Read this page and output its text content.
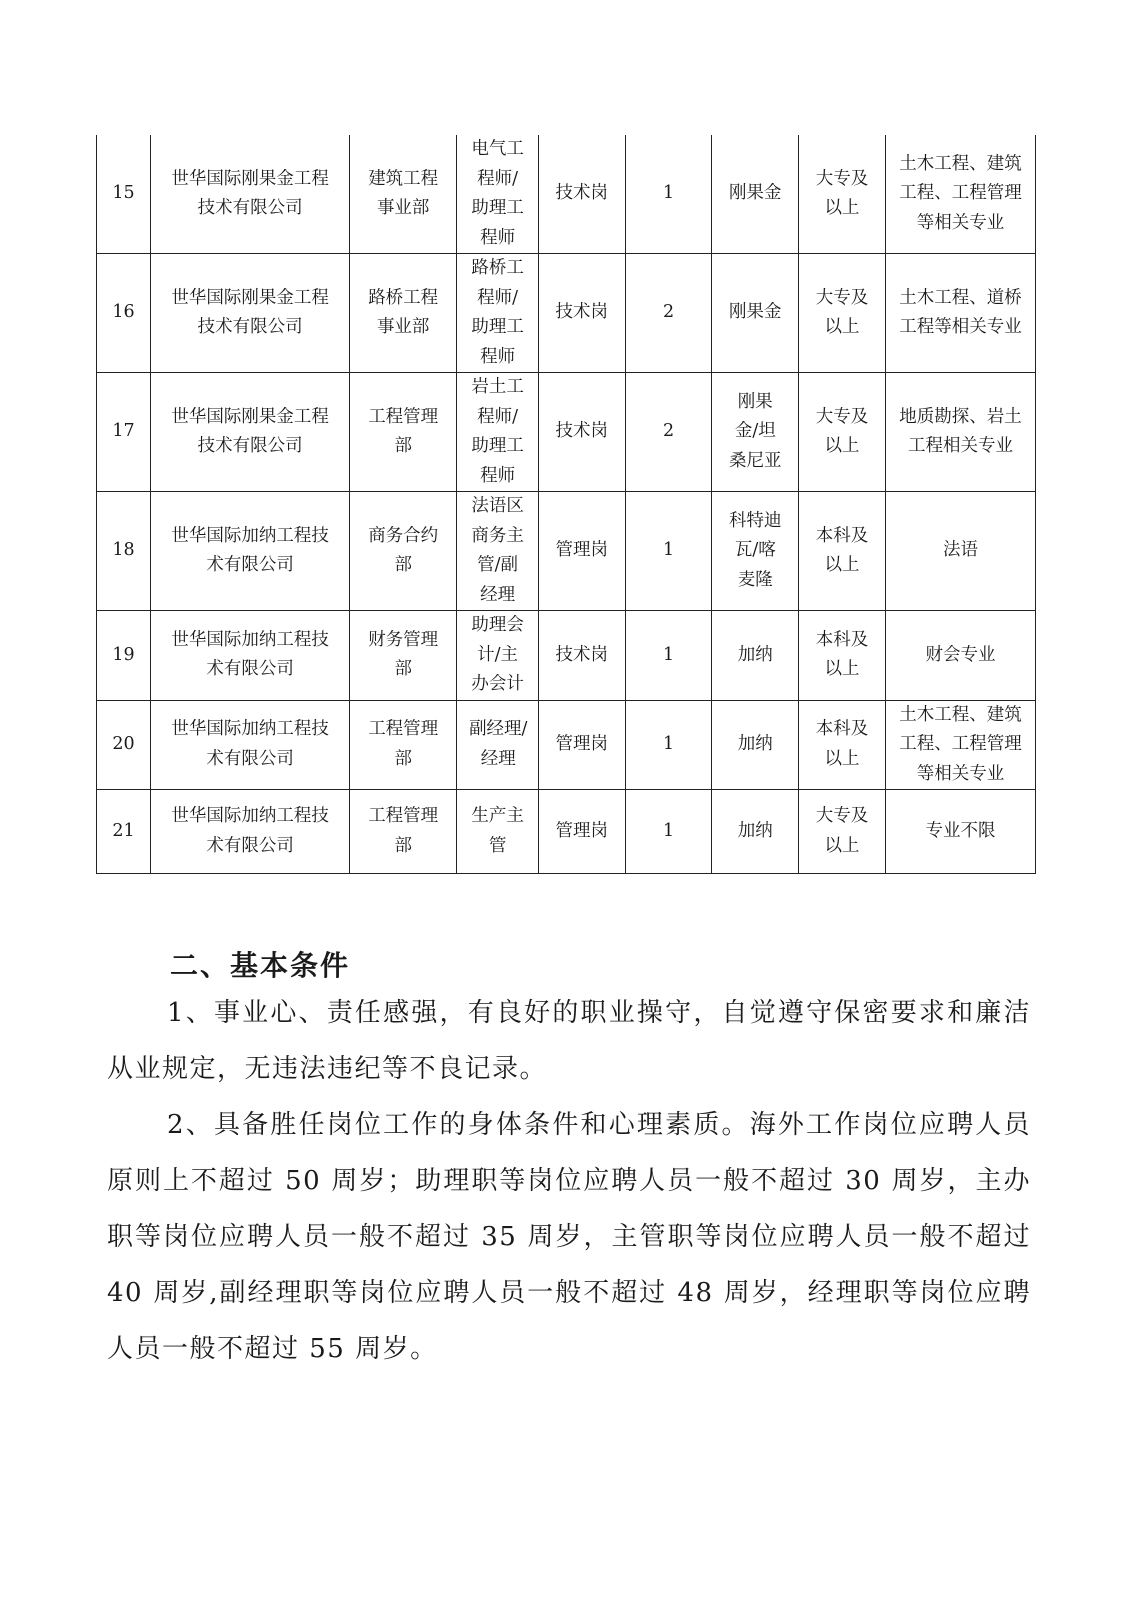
15	世华国际刚果金工程技术有限公司	建筑工程事业部	电气工程师/助理工程师	技术岗	1	刚果金	大专及以上	土木工程、建筑工程、工程管理等相关专业

16	世华国际刚果金工程技术有限公司	路桥工程事业部	路桥工程师/助理工程师	技术岗	2	刚果金	大专及以上	土木工程、道桥工程等相关专业

17	世华国际刚果金工程技术有限公司	工程管理部	岩土工程师/助理工程师	技术岗	2	刚果金/坦桑尼亚	大专及以上	地质勘探、岩土工程相关专业

18	世华国际加纳工程技术有限公司	商务合约部	法语区商务主管/副经理	管理岗	1	科特迪瓦/喀麦隆	本科及以上	法语

19	世华国际加纳工程技术有限公司	财务管理部	助理会计/主办会计	技术岗	1	加纳	本科及以上	财会专业

20	世华国际加纳工程技术有限公司	工程管理部	副经理/经理	管理岗	1	加纳	本科及以上	土木工程、建筑工程、工程管理等相关专业

21	世华国际加纳工程技术有限公司	工程管理部	生产主管	管理岗	1	加纳	大专及以上	专业不限
二、基本条件

1、事业心、责任感强，有良好的职业操守，自觉遵守保密要求和廉洁从业规定，无违法违纪等不良记录。

2、具备胜任岗位工作的身体条件和心理素质。海外工作岗位应聘人员原则上不超过 50 周岁；助理职等岗位应聘人员一般不超过 30 周岁，主办职等岗位应聘人员一般不超过 35 周岁，主管职等岗位应聘人员一般不超过 40 周岁,副经理职等岗位应聘人员一般不超过 48 周岁，经理职等岗位应聘人员一般不超过 55 周岁。
